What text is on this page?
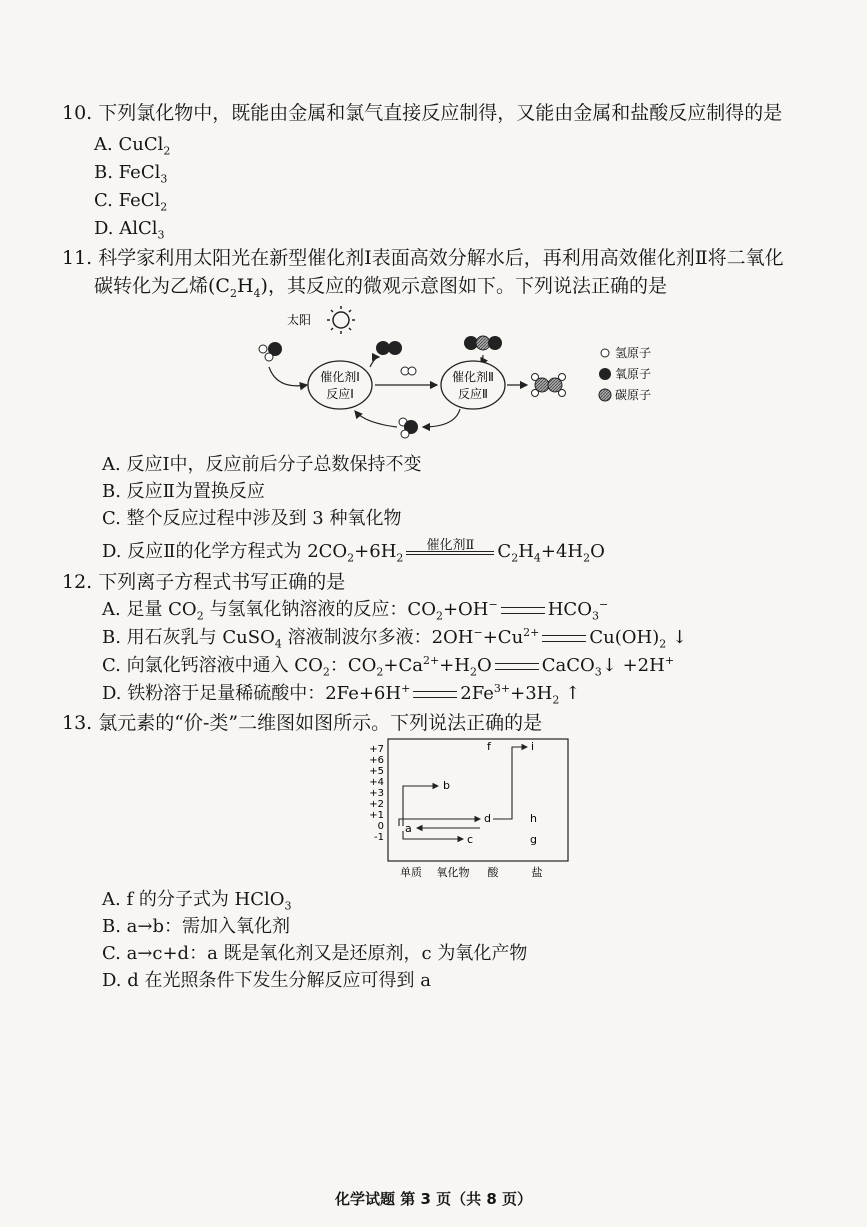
10. 下列氯化物中，既能由金属和氯气直接反应制得，又能由金属和盐酸反应制得的是
A. CuCl$_2$
B. FeCl$_3$
C. FeCl$_2$
D. AlCl$_3$
11. 科学家利用太阳光在新型催化剂Ⅰ表面高效分解水后，再利用高效催化剂Ⅱ将二氧化
碳转化为乙烯$(C_2H_4)$，其反应的微观示意图如下。下列说法正确的是
太阳
催化剂Ⅰ
反应Ⅰ
催化剂Ⅱ
反应Ⅱ
氢原子
氧原子
碳原子
A. 反应Ⅰ中，反应前后分子总数保持不变
B. 反应Ⅱ为置换反应
C. 整个反应过程中涉及到 3 种氧化物
D. 反应Ⅱ的化学方程式为 $2CO_2+6H_2$
催化剂Ⅱ	$C_2H_4+4H_2O$
12. 下列离子方程式书写正确的是
A. 足量 $CO_2$ 与氢氧化钠溶液的反应：$CO_2+OH^-$	$HCO_3^-$
B. 用石灰乳与 CuSO$_4$ 溶液制波尔多液：$2OH^-+Cu^{2+}$	$Cu(OH)_2$ ↓
C. 向氯化钙溶液中通入 $CO_2$：$CO_2+Ca^{2+}+H_2O$	CaCO$_3$↓ +2H+
D. 铁粉溶于足量稀硫酸中：2Fe+6H+	$2Fe^{3+}+3H_2$ ↑
13. 氯元素的“价-类”二维图如图所示。下列说法正确的是
+7
+6
+5
+4
+3
+2
+1
0
-1
a
b
c
d
f
h
g
i
单质 氧化物 酸	盐
A. f 的分子式为 HClO$_3$
B. a→b：需加入氧化剂
C. a→c+d：a 既是氧化剂又是还原剂，c 为氧化产物
D. d 在光照条件下发生分解反应可得到 a
化学试题 第 3 页（共 8 页）
